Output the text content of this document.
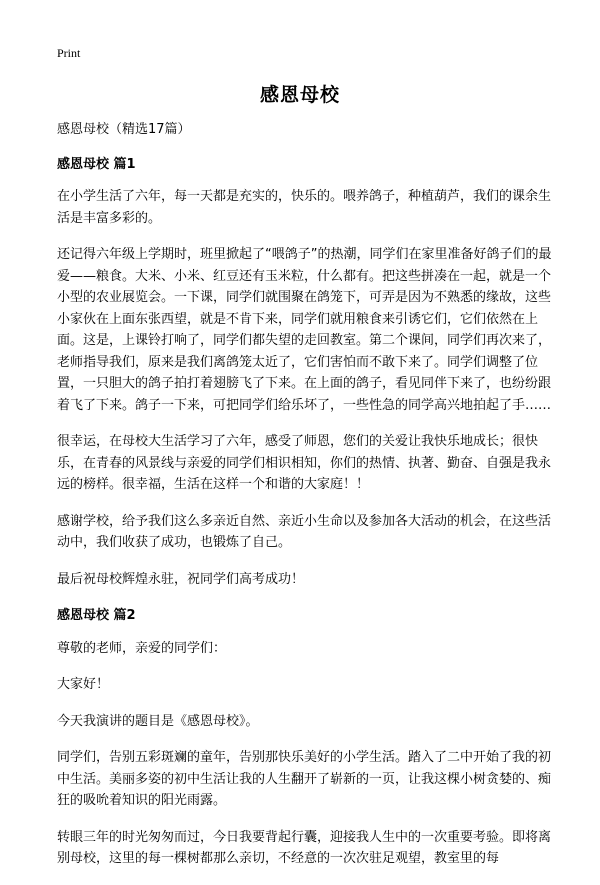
Print
感恩母校

感恩母校（精选17篇）

感恩母校 篇1

在小学生活了六年，每一天都是充实的，快乐的。喂养鸽子，种植葫芦，我们的课余生活是丰富多彩的。

还记得六年级上学期时，班里掀起了“喂鸽子”的热潮，同学们在家里准备好鸽子们的最爱——粮食。大米、小米、红豆还有玉米粒，什么都有。把这些拼凑在一起，就是一个小型的农业展览会。一下课，同学们就围聚在鸽笼下，可弄是因为不熟悉的缘故，这些小家伙在上面东张西望，就是不肯下来，同学们就用粮食来引诱它们，它们依然在上面。这是，上课铃打响了，同学们都失望的走回教室。第二个课间，同学们再次来了，老师指导我们，原来是我们离鸽笼太近了，它们害怕而不敢下来了。同学们调整了位置，一只胆大的鸽子拍打着翅膀飞了下来。在上面的鸽子，看见同伴下来了，也纷纷跟着飞了下来。鸽子一下来，可把同学们给乐坏了，一些性急的同学高兴地拍起了手……

很幸运，在母校大生活学习了六年，感受了师恩，您们的关爱让我快乐地成长；很快乐，在青春的风景线与亲爱的同学们相识相知，你们的热情、执著、勤奋、自强是我永远的榜样。很幸福，生活在这样一个和谐的大家庭！！

感谢学校，给予我们这么多亲近自然、亲近小生命以及参加各大活动的机会，在这些活动中，我们收获了成功，也锻炼了自己。

最后祝母校辉煌永驻，祝同学们高考成功！

感恩母校 篇2

尊敬的老师，亲爱的同学们：

大家好！

今天我演讲的题目是《感恩母校》。

同学们，告别五彩斑斓的童年，告别那快乐美好的小学生活。踏入了二中开始了我的初中生活。美丽多姿的初中生活让我的人生翻开了崭新的一页，让我这棵小树贪婪的、痴狂的吸吮着知识的阳光雨露。

转眼三年的时光匆匆而过，今日我要背起行囊，迎接我人生中的一次重要考验。即将离别母校，这里的每一棵树都那么亲切，不经意的一次次驻足观望，教室里的每
